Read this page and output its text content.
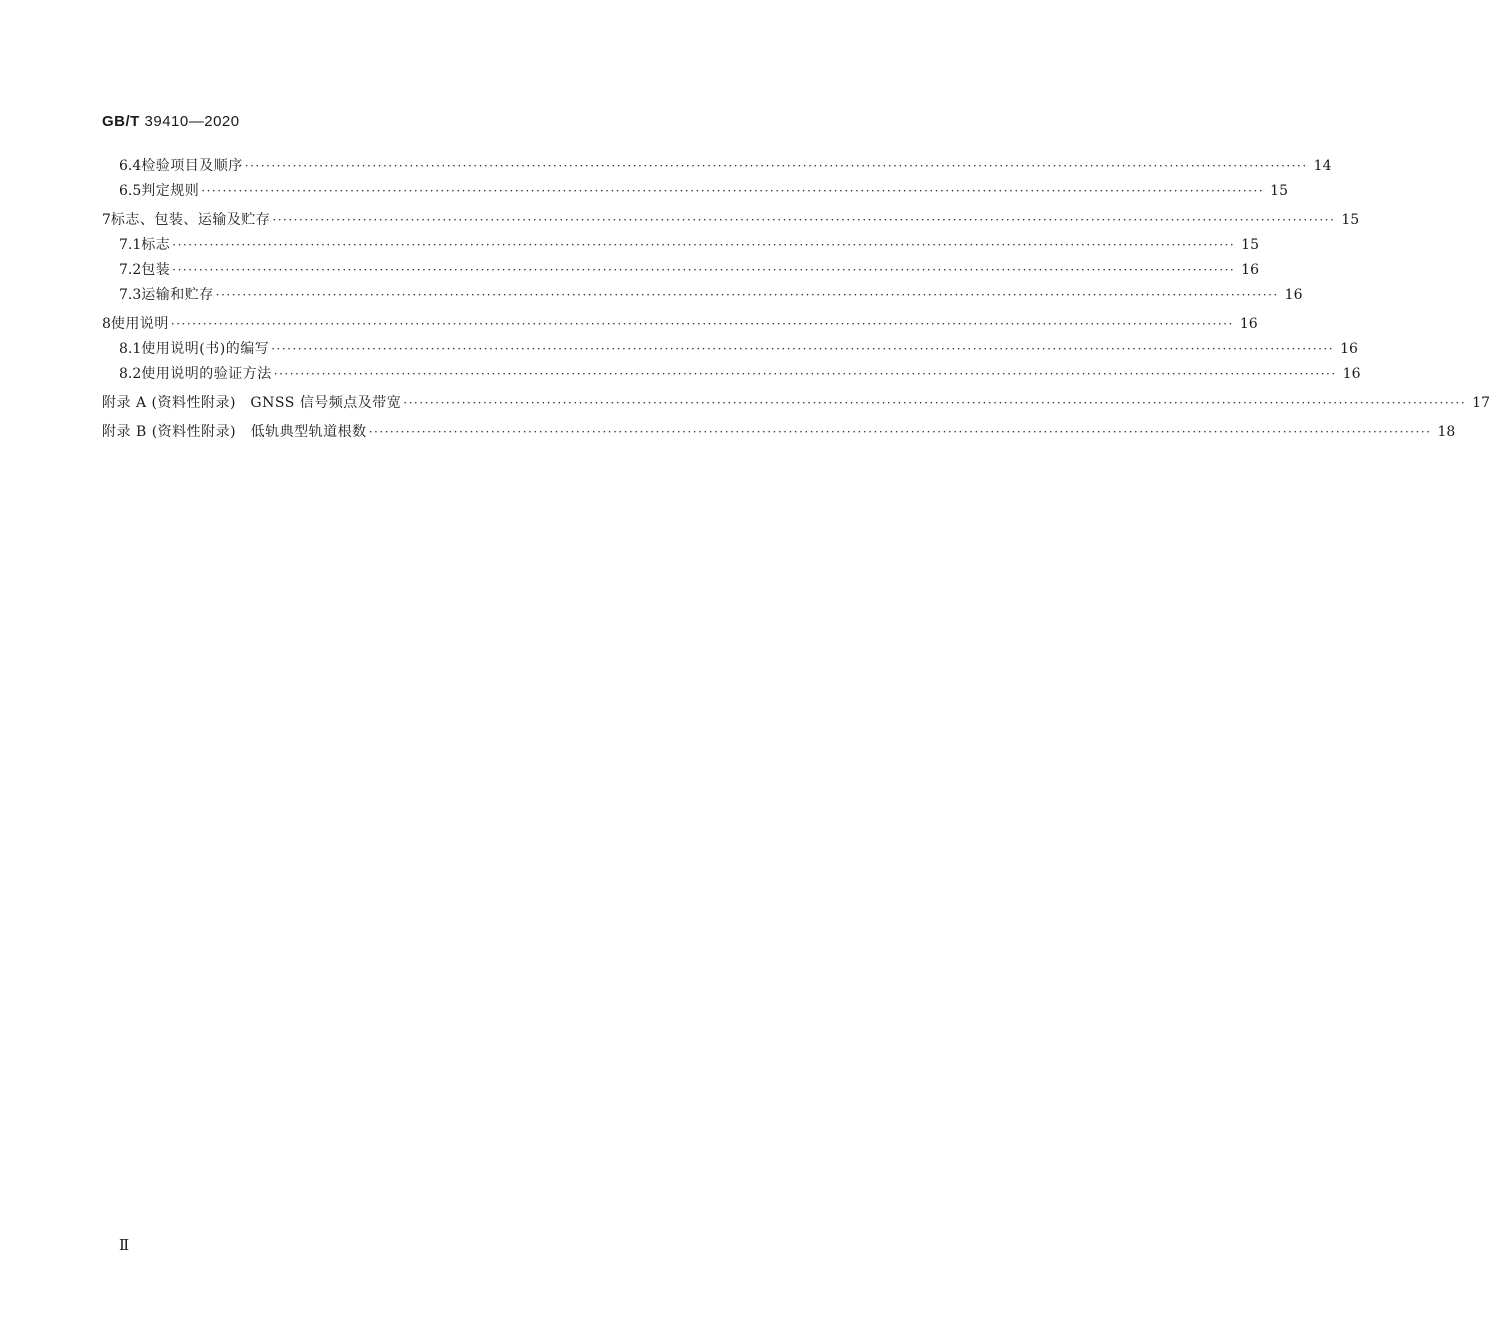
GB/T 39410—2020
6.4 检验项目及顺序 ········································································································································································································ 14
6.5 判定规则 ········································································································································································································ 15
7 标志、包装、运输及贮存 ········································································································································································································ 15
7.1 标志 ········································································································································································································ 15
7.2 包装 ········································································································································································································ 16
7.3 运输和贮存 ········································································································································································································ 16
8 使用说明 ········································································································································································································ 16
8.1 使用说明(书)的编写 ········································································································································································································ 16
8.2 使用说明的验证方法 ········································································································································································································ 16
附录 A (资料性附录)　GNSS 信号频点及带宽 ········································································································································································································ 17
附录 B (资料性附录)　低轨典型轨道根数 ········································································································································································································ 18
Ⅱ
